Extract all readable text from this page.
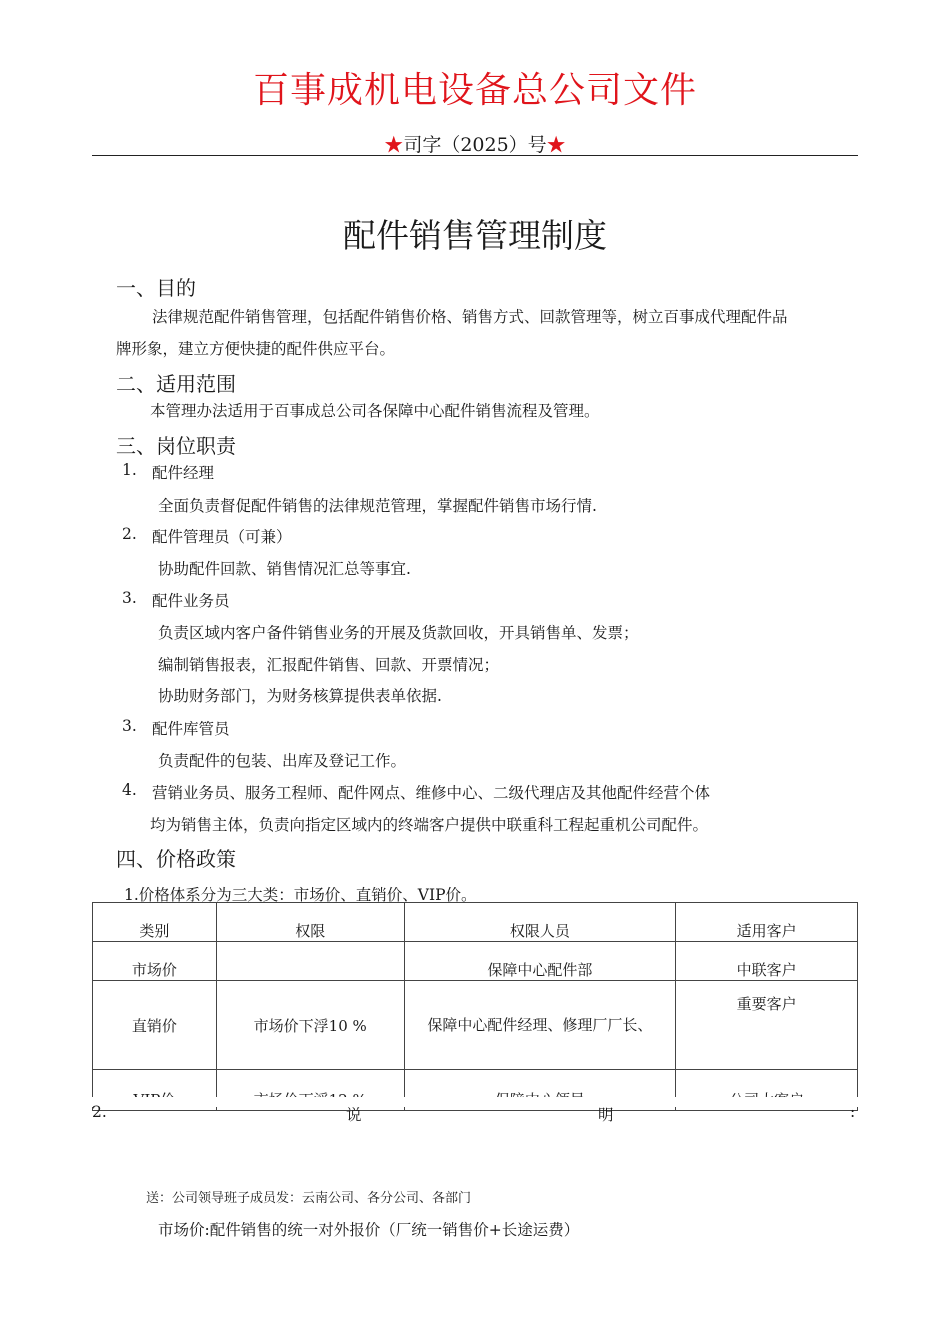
百事成机电设备总公司文件
★司字（2025）号★
配件销售管理制度
一、目的
法律规范配件销售管理，包括配件销售价格、销售方式、回款管理等，树立百事成代理配件品
牌形象，建立方便快捷的配件供应平台。
二、适用范围
本管理办法适用于百事成总公司各保障中心配件销售流程及管理。
三、岗位职责
1. 配件经理
全面负责督促配件销售的法律规范管理，掌握配件销售市场行情.
2. 配件管理员（可兼）
协助配件回款、销售情况汇总等事宜.
3. 配件业务员
负责区域内客户备件销售业务的开展及货款回收，开具销售单、发票；
编制销售报表，汇报配件销售、回款、开票情况；
协助财务部门，为财务核算提供表单依据.
3. 配件库管员
负责配件的包装、出库及登记工作。
4. 营销业务员、服务工程师、配件网点、维修中心、二级代理店及其他配件经营个体
均为销售主体，负责向指定区域内的终端客户提供中联重科工程起重机公司配件。
四、价格政策
1.价格体系分为三大类：市场价、直销价、VIP价。
类别	权限	权限人员	适用客户
市场价		保障中心配件部	中联客户
直销价	市场价下浮10 %	保障中心配件经理、修理厂厂长、	重要客户

2.	说	明	:
送：公司领导班子成员发：云南公司、各分公司、各部门
市场价:配件销售的统一对外报价（厂统一销售价+长途运费）
